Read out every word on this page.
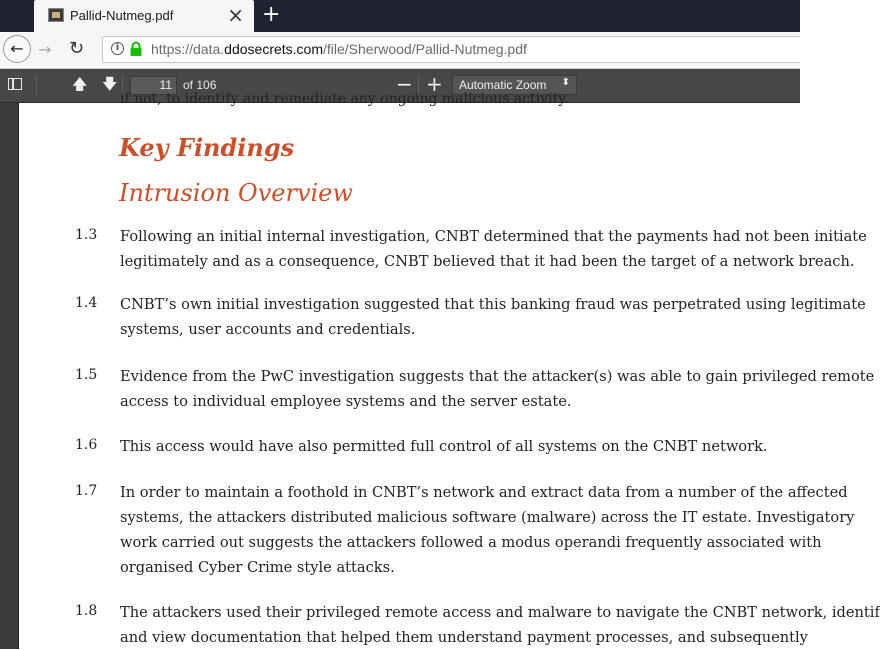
Pallid-Nutmeg.pdf	× +
← → ↻	i	https://data.ddosecrets.com/file/Sherwood/Pallid-Nutmeg.pdf
🡅 🡇	11 of 106	− + Automatic Zoom ⬍
if not, to identify and remediate any ongoing malicious activity.
Key Findings
Intrusion Overview
1.3 Following an initial internal investigation, CNBT determined that the payments had not been initiate
legitimately and as a consequence, CNBT believed that it had been the target of a network breach.
1.4 CNBT’s own initial investigation suggested that this banking fraud was perpetrated using legitimate
systems, user accounts and credentials.
1.5 Evidence from the PwC investigation suggests that the attacker(s) was able to gain privileged remote
access to individual employee systems and the server estate.
1.6 This access would have also permitted full control of all systems on the CNBT network.
1.7 In order to maintain a foothold in CNBT’s network and extract data from a number of the affected
systems, the attackers distributed malicious software (malware) across the IT estate. Investigatory
work carried out suggests the attackers followed a modus operandi frequently associated with
organised Cyber Crime style attacks.
1.8 The attackers used their privileged remote access and malware to navigate the CNBT network, identif
and view documentation that helped them understand payment processes, and subsequently
